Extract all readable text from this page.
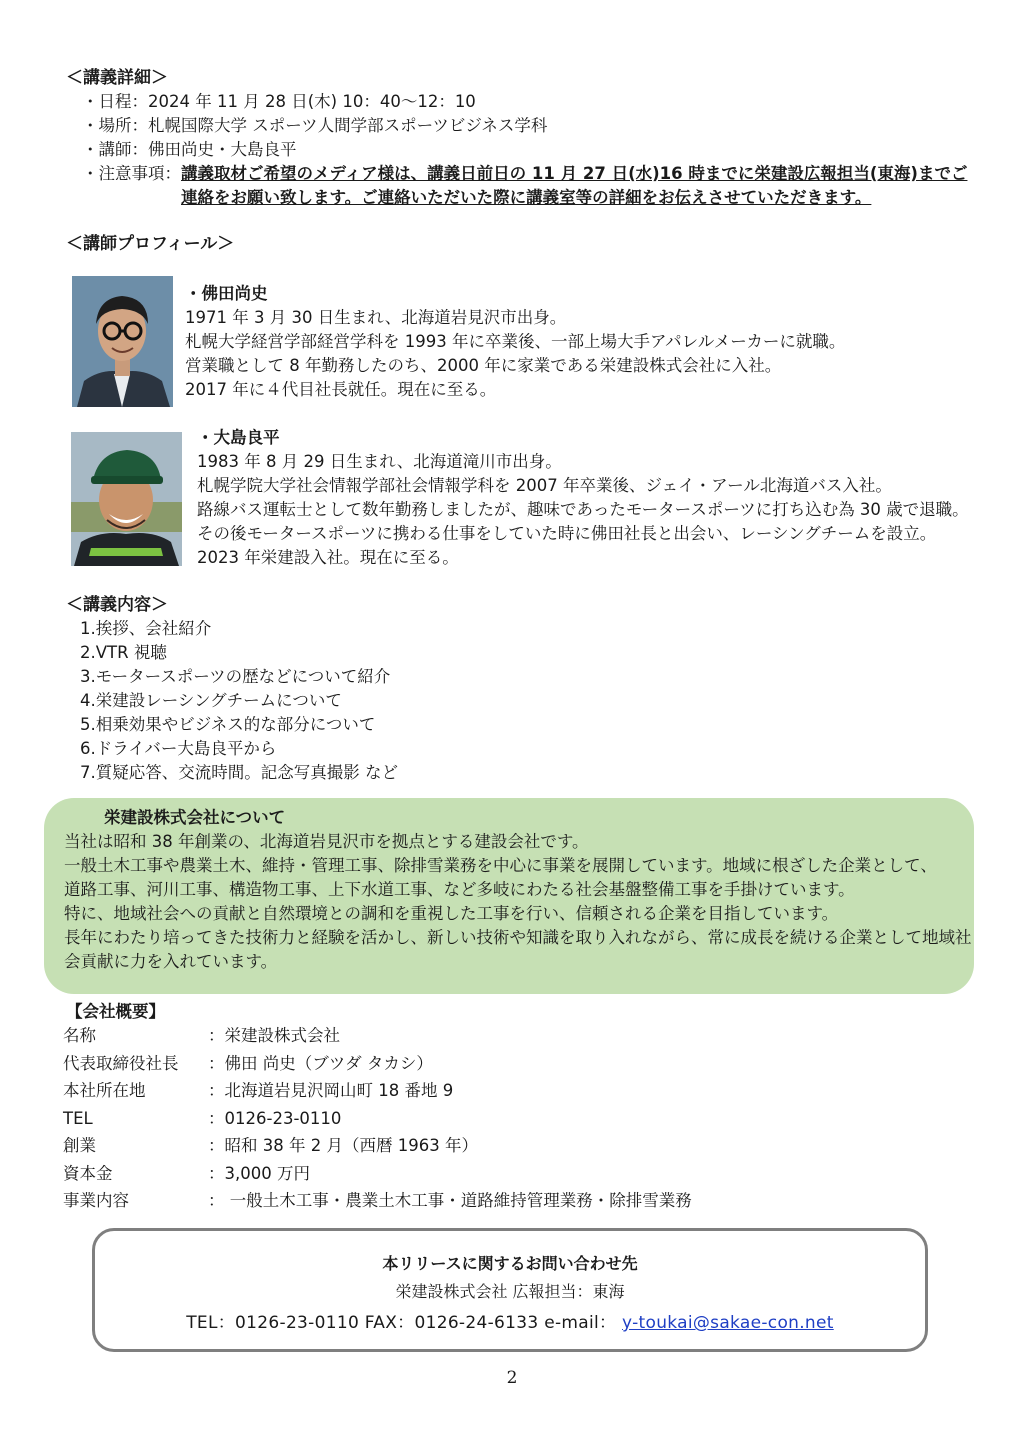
＜講義詳細＞
・日程：2024 年 11 月 28 日(木) 10：40～12：10
・場所：札幌国際大学 スポーツ人間学部スポーツビジネス学科
・講師：佛田尚史・大島良平
・注意事項： 講義取材ご希望のメディア様は、講義日前日の 11 月 27 日(水)16 時までに栄建設広報担当(東海)までご連絡をお願い致します。ご連絡いただいた際に講義室等の詳細をお伝えさせていただきます。
＜講師プロフィール＞
・佛田尚史
1971 年 3 月 30 日生まれ、北海道岩見沢市出身。
札幌大学経営学部経営学科を 1993 年に卒業後、一部上場大手アパレルメーカーに就職。
営業職として 8 年勤務したのち、2000 年に家業である栄建設株式会社に入社。
2017 年に４代目社長就任。現在に至る。
・大島良平
1983 年 8 月 29 日生まれ、北海道滝川市出身。
札幌学院大学社会情報学部社会情報学科を 2007 年卒業後、ジェイ・アール北海道バス入社。
路線バス運転士として数年勤務しましたが、趣味であったモータースポーツに打ち込む為 30 歳で退職。
その後モータースポーツに携わる仕事をしていた時に佛田社長と出会い、レーシングチームを設立。
2023 年栄建設入社。現在に至る。
＜講義内容＞
1.挨拶、会社紹介
2.VTR 視聴
3.モータースポーツの歴などについて紹介
4.栄建設レーシングチームについて
5.相乗効果やビジネス的な部分について
6.ドライバー大島良平から
7.質疑応答、交流時間。記念写真撮影 など
栄建設株式会社について
当社は昭和 38 年創業の、北海道岩見沢市を拠点とする建設会社です。
一般土木工事や農業土木、維持・管理工事、除排雪業務を中心に事業を展開しています。地域に根ざした企業として、
道路工事、河川工事、構造物工事、上下水道工事、など多岐にわたる社会基盤整備工事を手掛けています。
特に、地域社会への貢献と自然環境との調和を重視した工事を行い、信頼される企業を目指しています。
長年にわたり培ってきた技術力と経験を活かし、新しい技術や知識を取り入れながら、常に成長を続ける企業として地域社
会貢献に力を入れています。
【会社概要】
名称	：栄建設株式会社
代表取締役社長	：佛田 尚史（ブツダ タカシ）
本社所在地	：北海道岩見沢岡山町 18 番地 9
TEL	：0126-23-0110
創業	：昭和 38 年 2 月（西暦 1963 年）
資本金	：3,000 万円
事業内容	： 一般土木工事・農業土木工事・道路維持管理業務・除排雪業務
本リリースに関するお問い合わせ先
栄建設株式会社 広報担当：東海
TEL：0126-23-0110 FAX：0126-24-6133 e-mail： y-toukai@sakae-con.net
2
